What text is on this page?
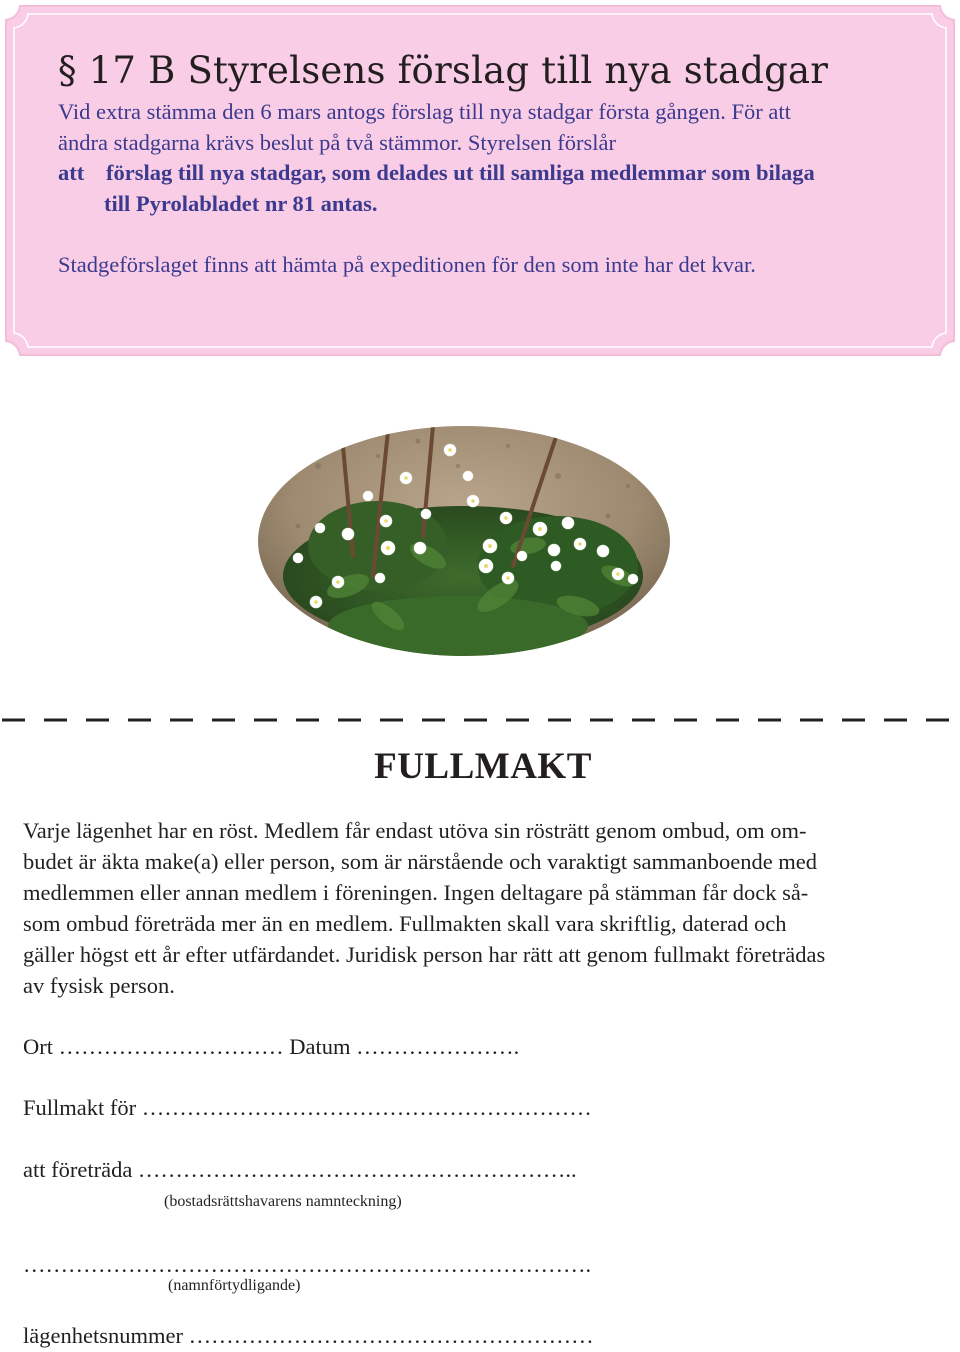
§ 17 B Styrelsens förslag till nya stadgar
Vid extra stämma den 6 mars antogs förslag till nya stadgar första gången. För att
ändra stadgarna krävs beslut på två stämmor. Styrelsen förslår
att förslag till nya stadgar, som delades ut till samliga medlemmar som bilaga
till Pyrolabladet nr 81 antas.
Stadgeförslaget finns att hämta på expeditionen för den som inte har det kvar.
FULLMAKT
Varje lägenhet har en röst. Medlem får endast utöva sin rösträtt genom ombud, om om-
budet är äkta make(a) eller person, som är närstående och varaktigt sammanboende med
medlemmen eller annan medlem i föreningen. Ingen deltagare på stämman får dock så-
som ombud företräda mer än en medlem. Fullmakten skall vara skriftlig, daterad och
gäller högst ett år efter utfärdandet. Juridisk person har rätt att genom fullmakt företrädas
av fysisk person.
Ort ………………………… Datum ………………….
Fullmakt för ……………………………………………………
att företräda …………………………………………………..
(bostadsrättshavarens namnteckning)
………………………………………………………………….
(namnförtydligande)
lägenhetsnummer ………………………………………………
